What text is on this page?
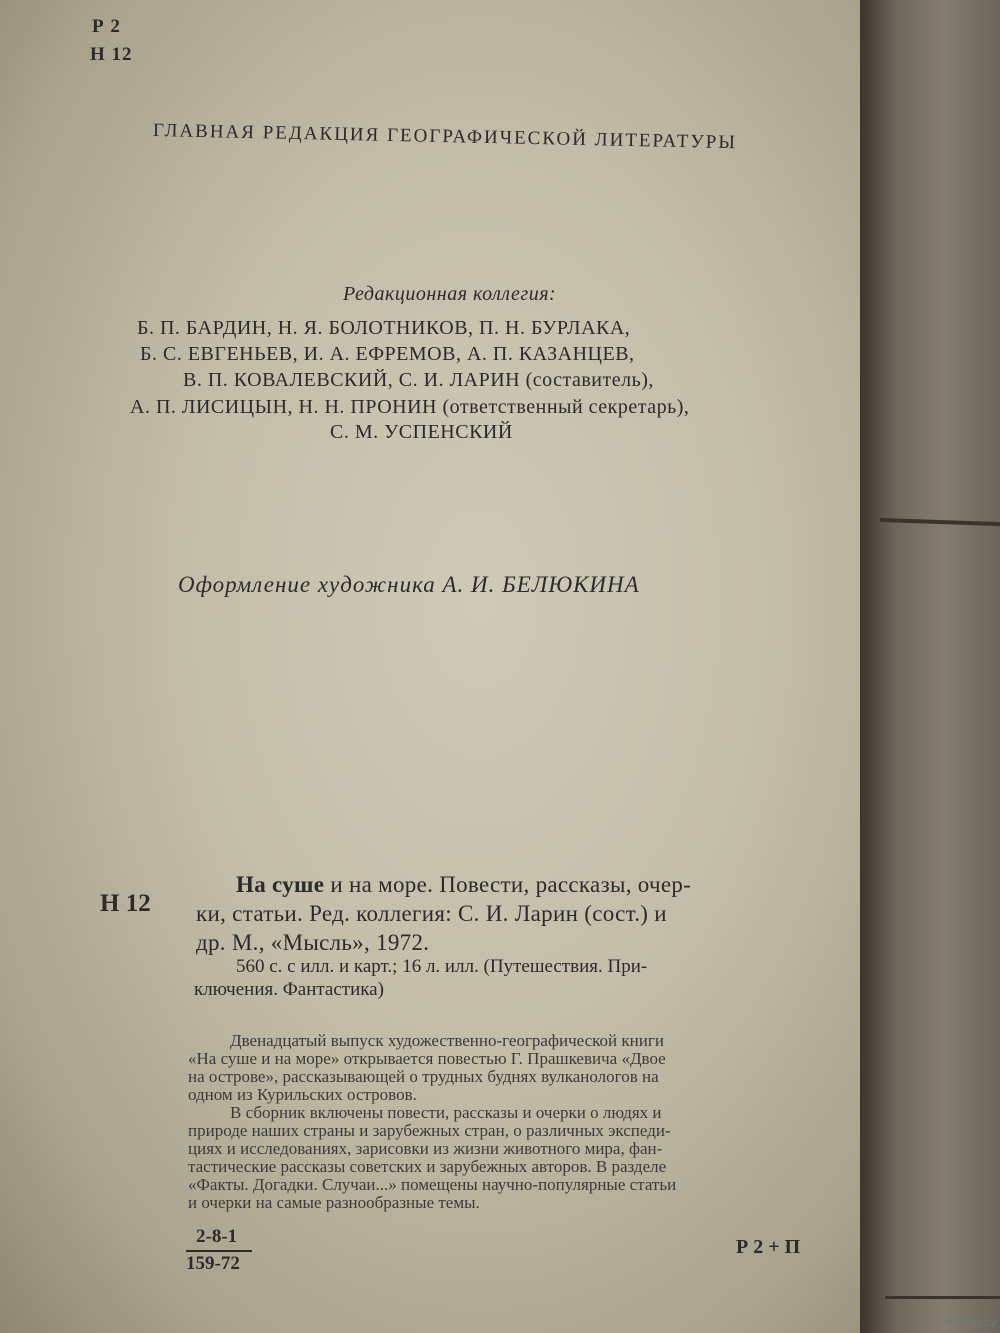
Р 2
Н 12
ГЛАВНАЯ РЕДАКЦИЯ ГЕОГРАФИЧЕСКОЙ ЛИТЕРАТУРЫ
Редакционная коллегия:
Б. П. БАРДИН, Н. Я. БОЛОТНИКОВ, П. Н. БУРЛАКА,
Б. С. ЕВГЕНЬЕВ, И. А. ЕФРЕМОВ, А. П. КАЗАНЦЕВ,
В. П. КОВАЛЕВСКИЙ, С. И. ЛАРИН (составитель),
А. П. ЛИСИЦЫН, Н. Н. ПРОНИН (ответственный секретарь),
С. М. УСПЕНСКИЙ
Оформление художника А. И. БЕЛЮКИНА
Н 12
На суше и на море. Повести, рассказы, очер-
ки, статьи. Ред. коллегия: С. И. Ларин (сост.) и
др. М., «Мысль», 1972.
560 с. с илл. и карт.; 16 л. илл. (Путешествия. При-
ключения. Фантастика)
Двенадцатый выпуск художественно-географической книги
«На суше и на море» открывается повестью Г. Прашкевича «Двое
на острове», рассказывающей о трудных буднях вулканологов на
одном из Курильских островов.
В сборник включены повести, рассказы и очерки о людях и
природе наших страны и зарубежных стран, о различных экспеди-
циях и исследованиях, зарисовки из жизни животного мира, фан-
тастические рассказы советских и зарубежных авторов. В разделе
«Факты. Догадки. Случаи...» помещены научно-популярные статьи
и очерки на самые разнообразные темы.
2-8-1
159-72
Р 2 + П
www.ay.by
